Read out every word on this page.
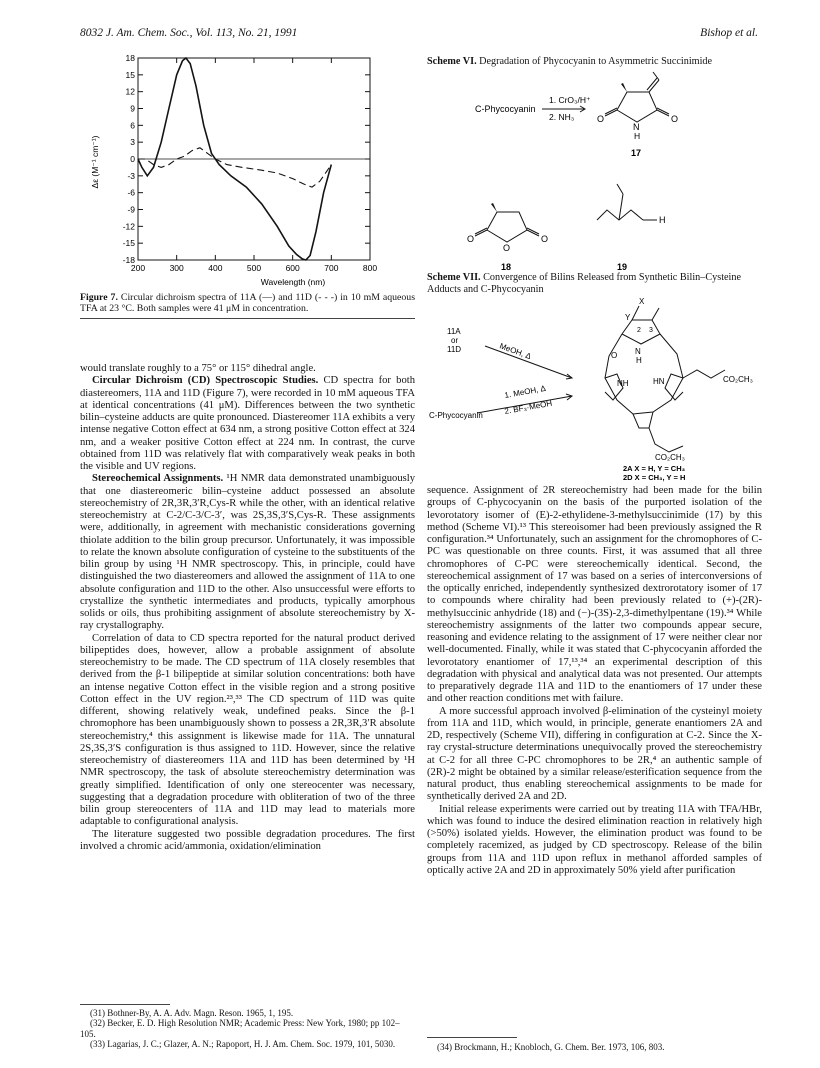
8032 J. Am. Chem. Soc., Vol. 113, No. 21, 1991	Bishop et al.
200	300	400	500	600	700	800
18
15
12
9
6
3
0
-3
-6
-9
-12
-15
-18
Wavelength (nm)
Δε (M⁻¹ cm⁻¹)
Figure 7. Circular dichroism spectra of 11A (—) and 11D (- - -) in 10 mM aqueous TFA at 23 °C. Both samples were 41 μM in concentration.

would translate roughly to a 75° or 115° dihedral angle.

Circular Dichroism (CD) Spectroscopic Studies. CD spectra for both diastereomers, 11A and 11D (Figure 7), were recorded in 10 mM aqueous TFA at identical concentrations (41 μM). Differences between the two synthetic bilin–cysteine adducts are quite pronounced. Diastereomer 11A exhibits a very intense negative Cotton effect at 634 nm, a strong positive Cotton effect at 324 nm, and a weaker positive Cotton effect at 224 nm. In contrast, the curve obtained from 11D was relatively flat with comparatively weak peaks in both the visible and UV regions.

Stereochemical Assignments. ¹H NMR data demonstrated unambiguously that one diastereomeric bilin–cysteine adduct possessed an absolute stereochemistry of 2R,3R,3′R,Cys-R while the other, with an identical relative stereochemistry at C-2/C-3/C-3′, was 2S,3S,3′S,Cys-R. These assignments were, additionally, in agreement with mechanistic considerations governing thiolate addition to the bilin group precursor. Unfortunately, it was impossible to relate the known absolute configuration of cysteine to the substituents of the bilin group by using ¹H NMR spectroscopy. This, in principle, could have distinguished the two diastereomers and allowed the assignment of 11A to one absolute configuration and 11D to the other. Also unsuccessful were efforts to crystallize the synthetic intermediates and products, typically amorphous solids or oils, thus prohibiting assignment of absolute stereochemistry by X-ray crystallography.

Correlation of data to CD spectra reported for the natural product derived bilipeptides does, however, allow a probable assignment of absolute stereochemistry to be made. The CD spectrum of 11A closely resembles that derived from the β-1 bilipeptide at similar solution concentrations: both have an intense negative Cotton effect in the visible region and a strong positive Cotton effect in the UV region.²³,³³ The CD spectrum of 11D was quite different, showing relatively weak, undefined peaks. Since the β-1 chromophore has been unambiguously shown to possess a 2R,3R,3′R absolute stereochemistry,⁴ this assignment is likewise made for 11A. The unnatural 2S,3S,3′S configuration is thus assigned to 11D. However, since the relative stereochemistry of diastereomers 11A and 11D has been determined by ¹H NMR spectroscopy, the task of absolute stereochemistry determination was greatly simplified. Identification of only one stereocenter was necessary, suggesting that a degradation procedure with obliteration of two of the three bilin group stereocenters of 11A and 11D may lead to materials more adaptable to configurational analysis.

The literature suggested two possible degradation procedures. The first involved a chromic acid/ammonia, oxidation/elimination

(31) Bothner-By, A. A. Adv. Magn. Reson. 1965, 1, 195.

(32) Becker, E. D. High Resolution NMR; Academic Press: New York, 1980; pp 102–105.

(33) Lagarias, J. C.; Glazer, A. N.; Rapoport, H. J. Am. Chem. Soc. 1979, 101, 5030.

Scheme VI. Degradation of Phycocyanin to Asymmetric Succinimide
C-Phycocyanin
1. CrO₃/H⁺
2. NH₃	O	O
N
H
17
O	O
O
H
18	19
Scheme VII. Convergence of Bilins Released from Synthetic Bilin–Cysteine Adducts and C-Phycocyanin
11A
or
11D	MeOH, Δ
C-Phycocyanin
1. MeOH, Δ
2. BF₃·MeOH
X
Y
2 3
O N
H
NH	HN	CO₂CH₃
CO₂CH₃
2A X = H, Y = CH₃
2D X = CH₃, Y = H

sequence. Assignment of 2R stereochemistry had been made for the bilin groups of C-phycocyanin on the basis of the purported isolation of the levorotatory isomer of (E)-2-ethylidene-3-methylsuccinimide (17) by this method (Scheme VI).¹³ This stereoisomer had been previously assigned the R configuration.³⁴ Unfortunately, such an assignment for the chromophores of C-PC was questionable on three counts. First, it was assumed that all three chromophores of C-PC were stereochemically identical. Second, the stereochemical assignment of 17 was based on a series of interconversions of the optically enriched, independently synthesized dextrorotatory isomer of 17 to compounds where chirality had been previously related to (+)-(2R)-methylsuccinic anhydride (18) and (−)-(3S)-2,3-dimethylpentane (19).³⁴ While stereochemistry assignments of the latter two compounds appear secure, reasoning and evidence relating to the assignment of 17 were neither clear nor well-documented. Finally, while it was stated that C-phycocyanin afforded the levorotatory enantiomer of 17,¹³,³⁴ an experimental description of this degradation with physical and analytical data was not presented. Our attempts to preparatively degrade 11A and 11D to the enantiomers of 17 under these and other reaction conditions met with failure.

A more successful approach involved β-elimination of the cysteinyl moiety from 11A and 11D, which would, in principle, generate enantiomers 2A and 2D, respectively (Scheme VII), differing in configuration at C-2. Since the X-ray crystal-structure determinations unequivocally proved the stereochemistry at C-2 for all three C-PC chromophores to be 2R,⁴ an authentic sample of (2R)-2 might be obtained by a similar release/esterification sequence from the natural product, thus enabling stereochemical assignments to be made for synthetically derived 2A and 2D.

Initial release experiments were carried out by treating 11A with TFA/HBr, which was found to induce the desired elimination reaction in relatively high (>50%) isolated yields. However, the elimination product was found to be completely racemized, as judged by CD spectroscopy. Release of the bilin groups from 11A and 11D upon reflux in methanol afforded samples of optically active 2A and 2D in approximately 50% yield after purification

(34) Brockmann, H.; Knobloch, G. Chem. Ber. 1973, 106, 803.
